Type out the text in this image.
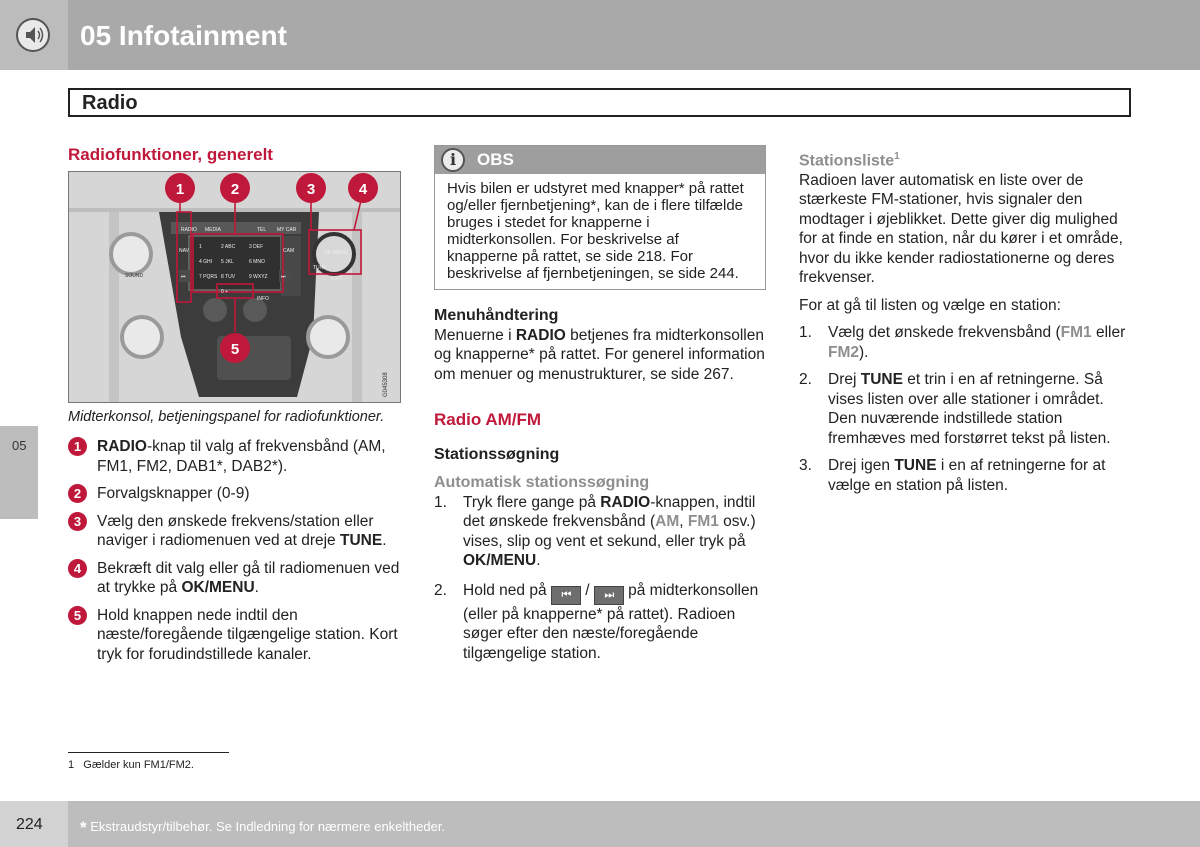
05 Infotainment
Radio
05
Radiofunktioner, generelt
1	2	3	4
5
RADIO MEDIA	TEL MY CAR
NAV	CAM
⏮	⏭
INFO
OK MENU
TUNE
EXIT
SOUND
1	2 ABC	3 DEF
4 GHI 5 JKL	6 MNO
7 PQRS 8 TUV	9 WXYZ
0 +
G045308
Midterkonsol, betjeningspanel for radiofunktioner.
1	RADIO-knap til valg af frekvensbånd (AM, FM1, FM2, DAB1*, DAB2*).
2	Forvalgsknapper (0-9)
3	Vælg den ønskede frekvens/station eller naviger i radiomenuen ved at dreje TUNE.
4	Bekræft dit valg eller gå til radiomenuen ved at trykke på OK/MENU.
5	Hold knappen nede indtil den næste/foregående tilgængelige station. Kort tryk for forudindstillede kanaler.
i	OBS
Hvis bilen er udstyret med knapper* på rattet og/eller fjernbetjening*, kan de i flere tilfælde bruges i stedet for knapperne i midterkonsollen. For beskrivelse af knapperne på rattet, se side 218. For beskrivelse af fjernbetjeningen, se side 244.
Menuhåndtering

Menuerne i RADIO betjenes fra midterkonsollen og knapperne* på rattet. For generel information om menuer og menustrukturer, se side 267.

Radio AM/FM
Stationssøgning
Automatisk stationssøgning
1. Tryk flere gange på RADIO-knappen, indtil det ønskede frekvensbånd (AM, FM1 osv.) vises, slip og vent et sekund, eller tryk på OK/MENU.
2. Hold ned på ⏮ / ⏭ på midterkonsollen (eller på knapperne* på rattet). Radioen søger efter den næste/foregående tilgængelige station.
Stationsliste$^1$

Radioen laver automatisk en liste over de stærkeste FM-stationer, hvis signaler den modtager i øjeblikket. Dette giver dig mulighed for at finde en station, når du kører i et område, hvor du ikke kender radiostationerne og deres frekvenser.

For at gå til listen og vælge en station:

1. Vælg det ønskede frekvensbånd (FM1 eller FM2).
2. Drej TUNE et trin i en af retningerne. Så vises listen over alle stationer i området. Den nuværende indstillede station fremhæves med forstørret tekst på listen.
3. Drej igen TUNE i en af retningerne for at vælge en station på listen.
1 Gælder kun FM1/FM2.
224 * Ekstraudstyr/tilbehør. Se Indledning for nærmere enkeltheder.
